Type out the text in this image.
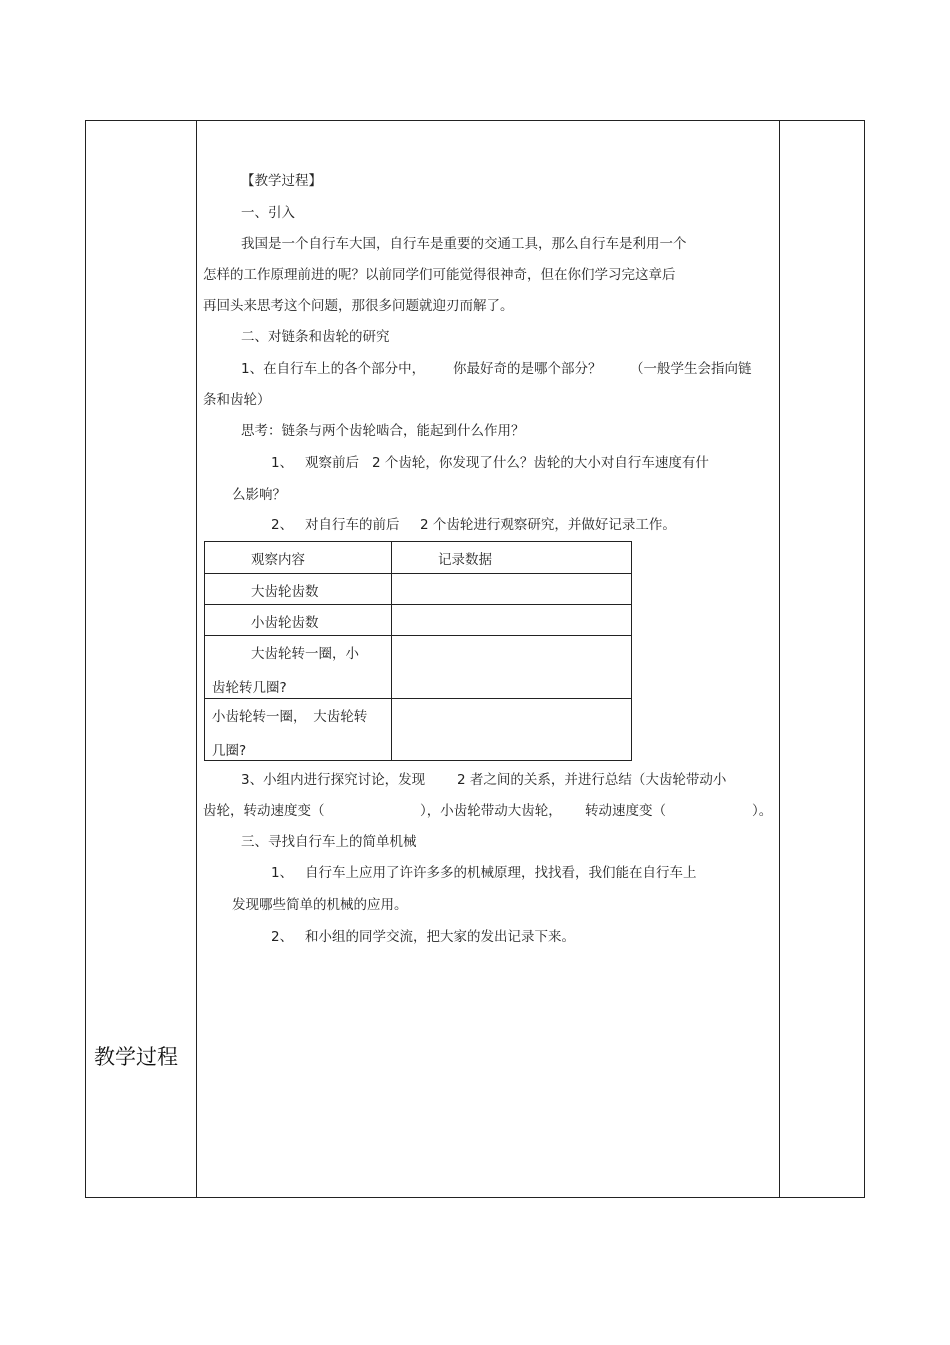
教学过程
【教学过程】
一、引入
我国是一个自行车大国，自行车是重要的交通工具，那么自行车是利用一个
怎样的工作原理前进的呢？以前同学们可能觉得很神奇，但在你们学习完这章后
再回头来思考这个问题，那很多问题就迎刃而解了。
二、对链条和齿轮的研究
1、在自行车上的各个部分中， 你最好奇的是哪个部分？ （一般学生会指向链
条和齿轮）
思考：链条与两个齿轮啮合，能起到什么作用？
1、 观察前后 2 个齿轮，你发现了什么？齿轮的大小对自行车速度有什
么影响？
2、 对自行车的前后 2 个齿轮进行观察研究，并做好记录工作。
观察内容	记录数据

大齿轮齿数	

小齿轮齿数	

大齿轮转一圈，小
齿轮转几圈?	

小齿轮转一圈，　大齿轮转
几圈?	

3、小组内进行探究讨论，发现 2 者之间的关系，并进行总结（大齿轮带动小
齿轮，转动速度变（	），小齿轮带动大齿轮， 转动速度变（	）。
三、寻找自行车上的简单机械
1、 自行车上应用了许许多多的机械原理，找找看，我们能在自行车上
发现哪些简单的机械的应用。
2、 和小组的同学交流，把大家的发出记录下来。
